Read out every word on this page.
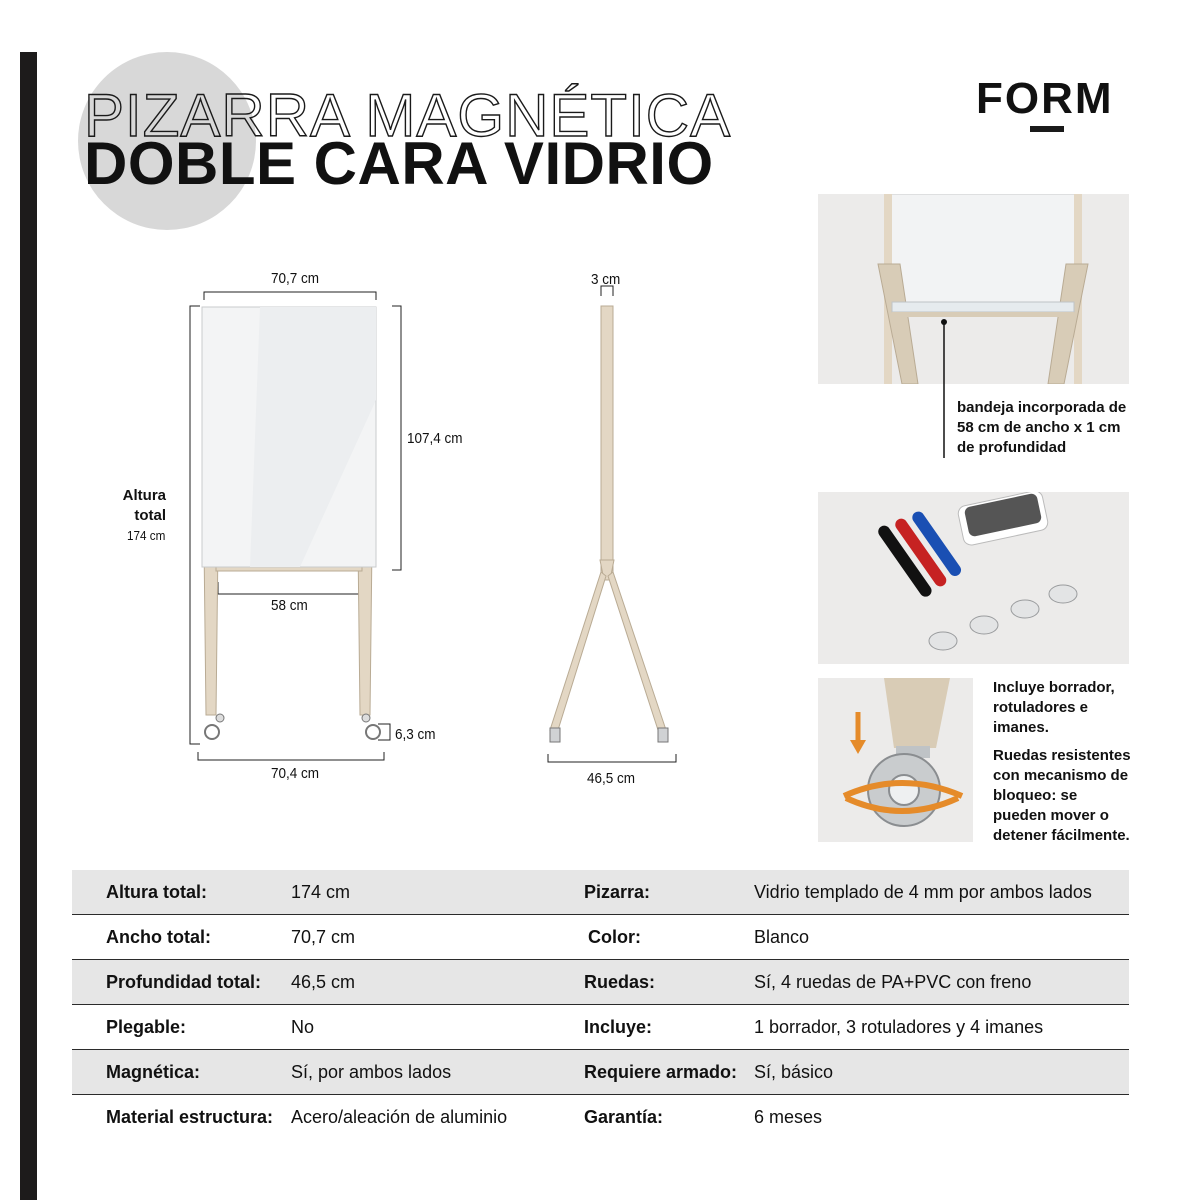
PIZARRA MAGNÉTICA
DOBLE CARA VIDRIO
FORM
70,7 cm
107,4 cm
Altura total
174 cm
58 cm
6,3 cm
70,4 cm
3 cm
46,5 cm
bandeja incorporada de 58 cm de ancho x 1 cm de profundidad
Incluye borrador, rotuladores e imanes.
Ruedas resistentes con mecanismo de bloqueo: se pueden mover o detener fácilmente.
Altura total:	174 cm	Pizarra:	Vidrio templado de 4 mm por ambos lados
Ancho total:	70,7 cm	Color:	Blanco
Profundidad total: 46,5 cm	Ruedas:	Sí, 4 ruedas de PA+PVC con freno
Plegable:	No	Incluye:	1 borrador, 3 rotuladores y 4 imanes
Magnética:	Sí, por ambos lados	Requiere armado: Sí, básico
Material estructura: Acero/aleación de aluminio	Garantía:	6 meses
